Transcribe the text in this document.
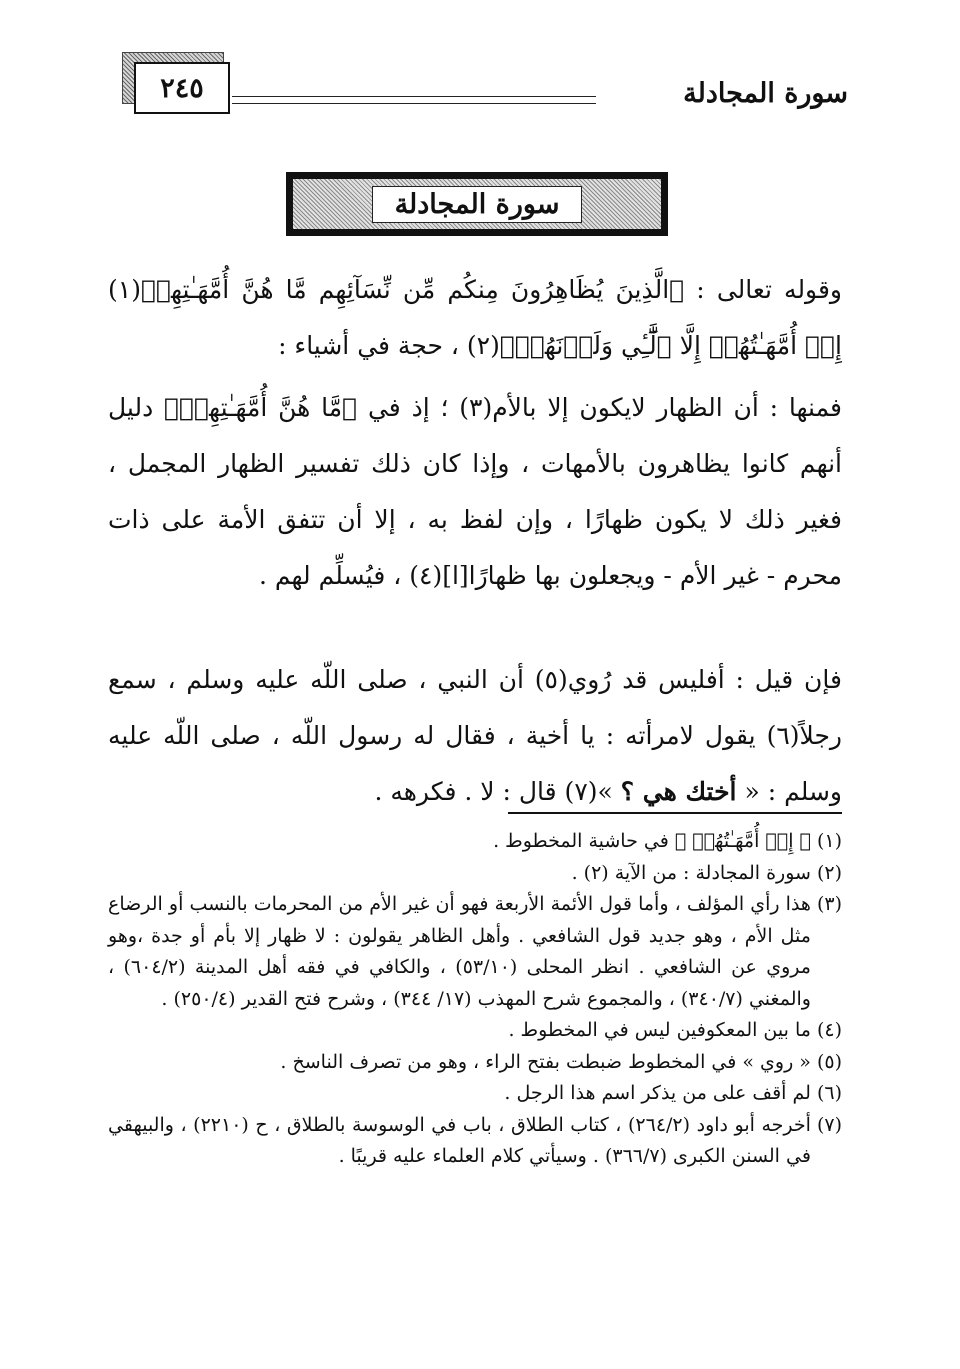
سورة المجادلة
٢٤٥
سورة المجادلة

وقوله تعالى : ﴿الَّذِينَ يُظَاهِرُونَ مِنكُم مِّن نِّسَآئِهِم مَّا هُنَّ أُمَّهَـٰتِهِمۡ(١) إِنۡ أُمَّهَـٰتُهُمۡ إِلَّا ٱلَّٰٓـِٔي وَلَدۡنَهُمۡ﴾(٢) ، حجة في أشياء :

فمنها : أن الظهار لايكون إلا بالأم(٣) ؛ إذ في ﴿مَّا هُنَّ أُمَّهَـٰتِهِمۡ﴾ دليل أنهم كانوا يظاهرون بالأمهات ، وإذا كان ذلك تفسير الظهار المجمل ، فغير ذلك لا يكون ظهارًا ، وإن لفظ به ، إلا أن تتفق الأمة على ذات محرم - غير الأم - ويجعلون بها ظهارًا[ا](٤) ، فيُسلِّم لهم .

فإن قيل : أفليس قد رُوي(٥) أن النبي ، صلى اللّه عليه وسلم ، سمع رجلاً(٦) يقول لامرأته : يا أخية ، فقال له رسول اللّه ، صلى اللّه عليه وسلم : « أختك هي ؟ »(٧) قال : لا . فكرهه .

(١)
﴿ إِنۡ أُمَّهَـٰتُهُمۡ ﴾ في حاشية المخطوط .
(٢)
سورة المجادلة : من الآية (٢) .
(٣)
هذا رأي المؤلف ، وأما قول الأئمة الأربعة فهو أن غير الأم من المحرمات بالنسب أو الرضاع مثل الأم ، وهو جديد قول الشافعي . وأهل الظاهر يقولون : لا ظهار إلا بأم أو جدة ،وهو مروي عن الشافعي . انظر المحلى (٥٣/١٠) ، والكافي في فقه أهل المدينة (٦٠٤/٢) ، والمغني (٣٤٠/٧) ، والمجموع شرح المهذب (١٧/ ٣٤٤) ، وشرح فتح القدير (٢٥٠/٤) .
(٤)
ما بين المعكوفين ليس في المخطوط .
(٥)
« روي » في المخطوط ضبطت بفتح الراء ، وهو من تصرف الناسخ .
(٦)
لم أقف على من يذكر اسم هذا الرجل .
(٧)
أخرجه أبو داود (٢٦٤/٢) ، كتاب الطلاق ، باب في الوسوسة بالطلاق ، ح (٢٢١٠) ، والبيهقي في السنن الكبرى (٣٦٦/٧) . وسيأتي كلام العلماء عليه قريبًا .
